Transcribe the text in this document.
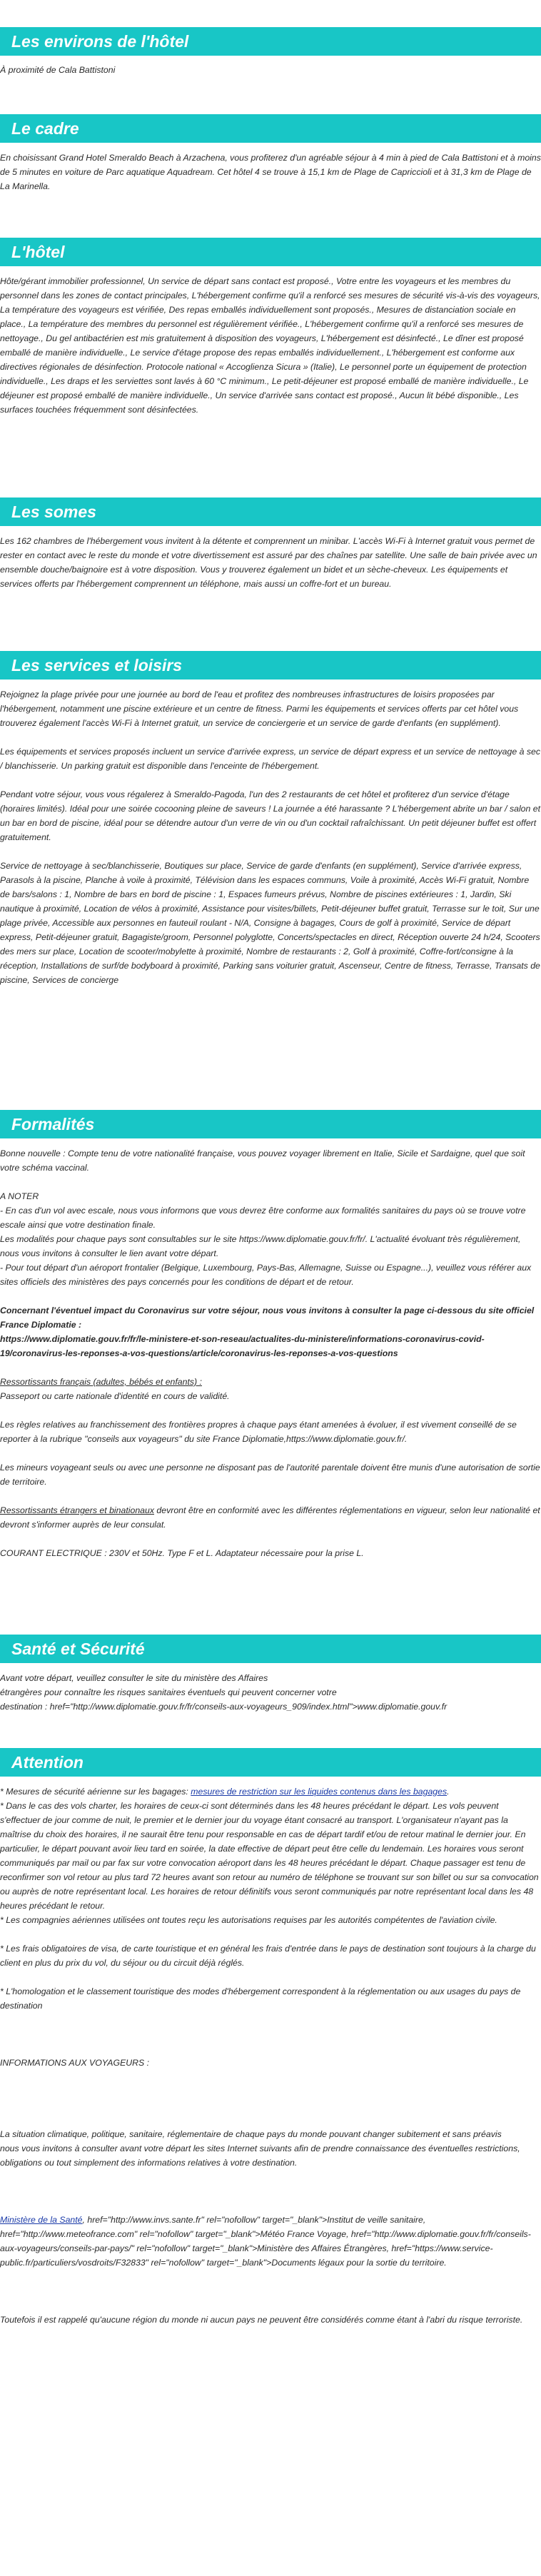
Les environs de l'hôtel

À proximité de Cala Battistoni

Le cadre

En choisissant Grand Hotel Smeraldo Beach à Arzachena, vous profiterez d'un agréable séjour à 4 min à pied de Cala Battistoni et à moins de 5 minutes en voiture de Parc aquatique Aquadream. Cet hôtel 4 se trouve à 15,1 km de Plage de Capriccioli et à 31,3 km de Plage de La Marinella.

L'hôtel

Hôte/gérant immobilier professionnel, Un service de départ sans contact est proposé., Votre entre les voyageurs et les membres du personnel dans les zones de contact principales, L'hébergement confirme qu'il a renforcé ses mesures de sécurité vis-à-vis des voyageurs, La température des voyageurs est vérifiée, Des repas emballés individuellement sont proposés., Mesures de distanciation sociale en place., La température des membres du personnel est régulièrement vérifiée., L'hébergement confirme qu'il a renforcé ses mesures de nettoyage., Du gel antibactérien est mis gratuitement à disposition des voyageurs, L'hébergement est désinfecté., Le dîner est proposé emballé de manière individuelle., Le service d'étage propose des repas emballés individuellement., L'hébergement est conforme aux directives régionales de désinfection. Protocole national « Accoglienza Sicura » (Italie), Le personnel porte un équipement de protection individuelle., Les draps et les serviettes sont lavés à 60 °C minimum., Le petit-déjeuner est proposé emballé de manière individuelle., Le déjeuner est proposé emballé de manière individuelle., Un service d'arrivée sans contact est proposé., Aucun lit bébé disponible., Les surfaces touchées fréquemment sont désinfectées.

Les somes

Les 162 chambres de l'hébergement vous invitent à la détente et comprennent un minibar. L'accès Wi-Fi à Internet gratuit vous permet de rester en contact avec le reste du monde et votre divertissement est assuré par des chaînes par satellite. Une salle de bain privée avec un ensemble douche/baignoire est à votre disposition. Vous y trouverez également un bidet et un sèche-cheveux. Les équipements et services offerts par l'hébergement comprennent un téléphone, mais aussi un coffre-fort et un bureau.

Les services et loisirs

Rejoignez la plage privée pour une journée au bord de l'eau et profitez des nombreuses infrastructures de loisirs proposées par l'hébergement, notamment une piscine extérieure et un centre de fitness. Parmi les équipements et services offerts par cet hôtel vous trouverez également l'accès Wi-Fi à Internet gratuit, un service de conciergerie et un service de garde d'enfants (en supplément).

Les équipements et services proposés incluent un service d'arrivée express, un service de départ express et un service de nettoyage à sec / blanchisserie. Un parking gratuit est disponible dans l'enceinte de l'hébergement.

Pendant votre séjour, vous vous régalerez à Smeraldo-Pagoda, l'un des 2 restaurants de cet hôtel et profiterez d'un service d'étage (horaires limités). Idéal pour une soirée cocooning pleine de saveurs ! La journée a été harassante ? L'hébergement abrite un bar / salon et un bar en bord de piscine, idéal pour se détendre autour d'un verre de vin ou d'un cocktail rafraîchissant. Un petit déjeuner buffet est offert gratuitement.

Service de nettoyage à sec/blanchisserie, Boutiques sur place, Service de garde d'enfants (en supplément), Service d'arrivée express, Parasols à la piscine, Planche à voile à proximité, Télévision dans les espaces communs, Voile à proximité, Accès Wi-Fi gratuit, Nombre de bars/salons : 1, Nombre de bars en bord de piscine : 1, Espaces fumeurs prévus, Nombre de piscines extérieures : 1, Jardin, Ski nautique à proximité, Location de vélos à proximité, Assistance pour visites/billets, Petit-déjeuner buffet gratuit, Terrasse sur le toit, Sur une plage privée, Accessible aux personnes en fauteuil roulant - N/A, Consigne à bagages, Cours de golf à proximité, Service de départ express, Petit-déjeuner gratuit, Bagagiste/groom, Personnel polyglotte, Concerts/spectacles en direct, Réception ouverte 24 h/24, Scooters des mers sur place, Location de scooter/mobylette à proximité, Nombre de restaurants : 2, Golf à proximité, Coffre-fort/consigne à la réception, Installations de surf/de bodyboard à proximité, Parking sans voiturier gratuit, Ascenseur, Centre de fitness, Terrasse, Transats de piscine, Services de concierge

Formalités

Bonne nouvelle : Compte tenu de votre nationalité française, vous pouvez voyager librement en Italie, Sicile et Sardaigne, quel que soit votre schéma vaccinal.

A NOTER
- En cas d'un vol avec escale, nous vous informons que vous devrez être conforme aux formalités sanitaires du pays où se trouve votre escale ainsi que votre destination finale.
Les modalités pour chaque pays sont consultables sur le site https://www.diplomatie.gouv.fr/fr/. L'actualité évoluant très régulièrement, nous vous invitons à consulter le lien avant votre départ.
- Pour tout départ d'un aéroport frontalier (Belgique, Luxembourg, Pays-Bas, Allemagne, Suisse ou Espagne...), veuillez vous référer aux sites officiels des ministères des pays concernés pour les conditions de départ et de retour.

Concernant l'éventuel impact du Coronavirus sur votre séjour, nous vous invitons à consulter la page ci-dessous du site officiel France Diplomatie :
https://www.diplomatie.gouv.fr/fr/le-ministere-et-son-reseau/actualites-du-ministere/informations-coronavirus-covid-19/coronavirus-les-reponses-a-vos-questions/article/coronavirus-les-reponses-a-vos-questions

Ressortissants français (adultes, bébés et enfants) :

Passeport ou carte nationale d'identité en cours de validité.

Les règles relatives au franchissement des frontières propres à chaque pays étant amenées à évoluer, il est vivement conseillé de se reporter à la rubrique "conseils aux voyageurs" du site France Diplomatie,https://www.diplomatie.gouv.fr/.

Les mineurs voyageant seuls ou avec une personne ne disposant pas de l'autorité parentale doivent être munis d'une autorisation de sortie de territoire.

Ressortissants étrangers et binationaux devront être en conformité avec les différentes réglementations en vigueur, selon leur nationalité et devront s'informer auprès de leur consulat.

COURANT ELECTRIQUE : 230V et 50Hz. Type F et L. Adaptateur nécessaire pour la prise L.

Santé et Sécurité

Avant votre départ, veuillez consulter le site du ministère des Affaires
étrangères pour connaître les risques sanitaires éventuels qui peuvent concerner votre
destination : href="http://www.diplomatie.gouv.fr/fr/conseils-aux-voyageurs_909/index.html">www.diplomatie.gouv.fr

Attention

* Mesures de sécurité aérienne sur les bagages: mesures de restriction sur les liquides contenus dans les bagages.

* Dans le cas des vols charter, les horaires de ceux-ci sont déterminés dans les 48 heures précédant le départ. Les vols peuvent s'effectuer de jour comme de nuit, le premier et le dernier jour du voyage étant consacré au transport. L'organisateur n'ayant pas la maîtrise du choix des horaires, il ne saurait être tenu pour responsable en cas de départ tardif et/ou de retour matinal le dernier jour. En particulier, le départ pouvant avoir lieu tard en soirée, la date effective de départ peut être celle du lendemain. Les horaires vous seront communiqués par mail ou par fax sur votre convocation aéroport dans les 48 heures précédant le départ. Chaque passager est tenu de reconfirmer son vol retour au plus tard 72 heures avant son retour au numéro de téléphone se trouvant sur son billet ou sur sa convocation ou auprès de notre représentant local. Les horaires de retour définitifs vous seront communiqués par notre représentant local dans les 48 heures précédant le retour.
* Les compagnies aériennes utilisées ont toutes reçu les autorisations requises par les autorités compétentes de l'aviation civile.

* Les frais obligatoires de visa, de carte touristique et en général les frais d'entrée dans le pays de destination sont toujours à la charge du client en plus du prix du vol, du séjour ou du circuit déjà réglés.

* L'homologation et le classement touristique des modes d'hébergement correspondent à la réglementation ou aux usages du pays de destination

INFORMATIONS AUX VOYAGEURS :

La situation climatique, politique, sanitaire, réglementaire de chaque pays du monde pouvant changer subitement et sans préavis
nous vous invitons à consulter avant votre départ les sites Internet suivants afin de prendre connaissance des éventuelles restrictions, obligations ou tout simplement des informations relatives à votre destination.

Ministère de la Santé, href="http://www.invs.sante.fr" rel="nofollow" target="_blank">Institut de veille sanitaire, href="http://www.meteofrance.com" rel="nofollow" target="_blank">Météo France Voyage, href="http://www.diplomatie.gouv.fr/fr/conseils-aux-voyageurs/conseils-par-pays/" rel="nofollow" target="_blank">Ministère des Affaires Étrangères, href="https://www.service-public.fr/particuliers/vosdroits/F32833" rel="nofollow" target="_blank">Documents légaux pour la sortie du territoire.

Toutefois il est rappelé qu'aucune région du monde ni aucun pays ne peuvent être considérés comme étant à l'abri du risque terroriste.
